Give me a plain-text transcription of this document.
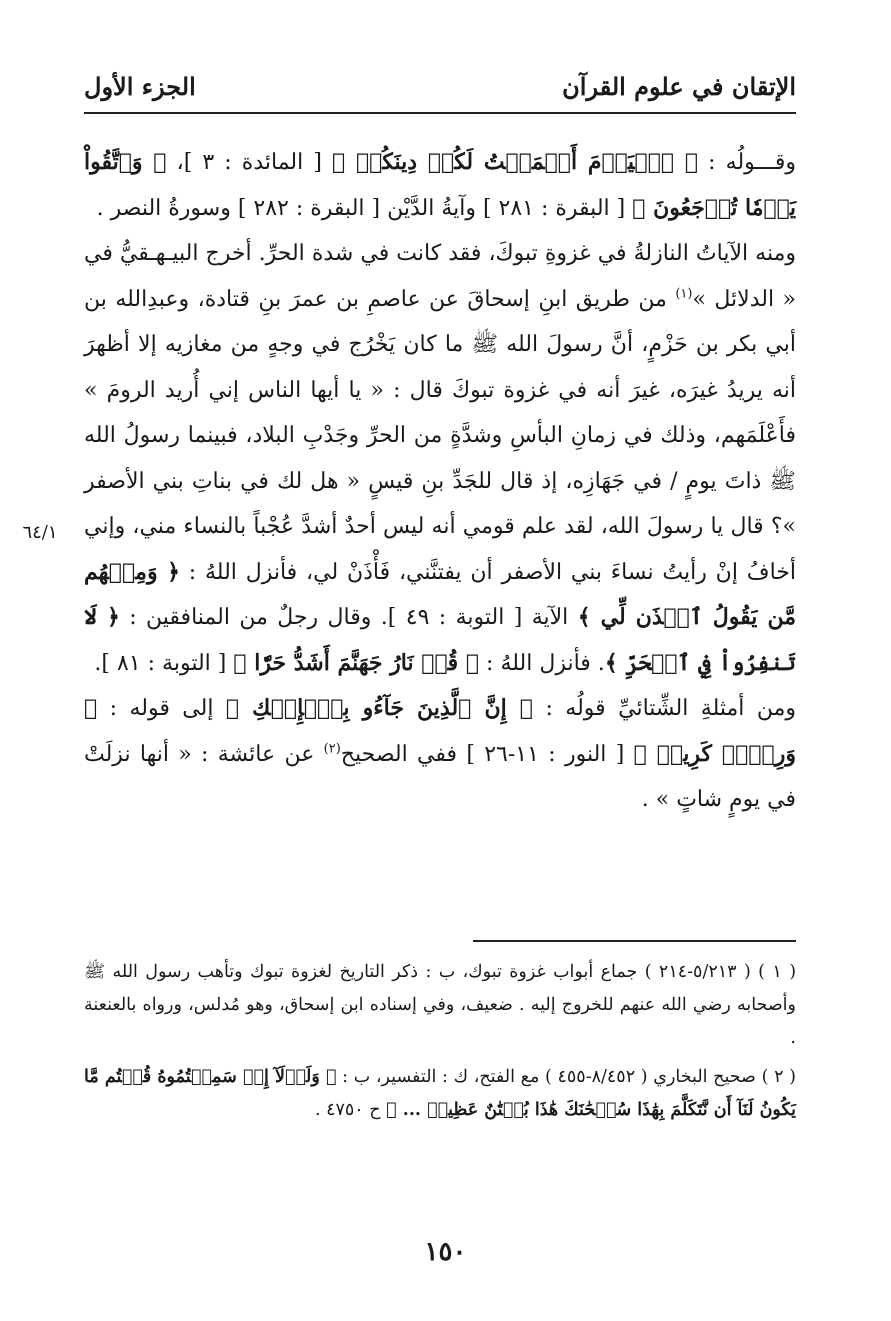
الإتقان في علوم القرآن
الجزء الأول

وقـــولُه : ﴿ ٱلۡيَوۡمَ أَكۡمَلۡتُ لَكُمۡ دِينَكُمۡ ﴾ [ المائدة : ٣ ]، ﴿ وَٱتَّقُواْ يَوۡمٗا تُرۡجَعُونَ ﴾ [ البقرة : ٢٨١ ] وآيةُ الدَّيْن [ البقرة : ٢٨٢ ] وسورةُ النصر .

ومنه الآياتُ النازلةُ في غزوةِ تبوكَ، فقد كانت في شدة الحرِّ. أخرج البيـهـقيُّ في « الدلائل »$^{(١)}$ من طريق ابنِ إسحاقَ عن عاصمِ بن عمرَ بنِ قتادة، وعبدِالله بن أبي بكر بن حَزْمٍ، أنَّ رسولَ الله ﷺ ما كان يَخْرُج في وجهٍ من مغازيه إلا أظهرَ أنه يريدُ غيرَه، غيرَ أنه في غزوة تبوكَ قال : « يا أيها الناس إني أُريد الرومَ » فأَعْلَمَهم، وذلك في زمانِ البأسِ وشدَّةٍ من الحرِّ وجَدْبِ البلاد، فبينما رسولُ الله ﷺ ذاتَ يومٍ / في جَهَازِه، إذ قال للجَدِّ بنِ قيسٍ « هل لك في بناتِ بني الأصفر »؟ قال يا رسولَ الله، لقد علم قومي أنه ليس أحدٌ أشدَّ عُجْباً بالنساء مني، وإني أخافُ إنْ رأيتُ نساءَ بني الأصفر أن يفتنَّني، فَأْذَنْ لي، فأنزل اللهُ : ﴿ وَمِنۡهُم مَّن يَقُولُ ٱئۡذَن لِّي ﴾ الآية [ التوبة : ٤٩ ]. وقال رجلٌ من المنافقين : ﴿ لَا تَنفِرُواْ فِي ٱلۡحَرِّ ﴾. فأنزل اللهُ : ﴿ قُلۡ نَارُ جَهَنَّمَ أَشَدُّ حَرّٗا ﴾ [ التوبة : ٨١ ].

ومن أمثلةِ الشِّتائيِّ قولُه : ﴿ إِنَّ ٱلَّذِينَ جَآءُو بِٱلۡإِفۡكِ ﴾ إلى قوله : ﴿ وَرِزۡقٞ كَرِيمٞ ﴾ [ النور : ١١-٢٦ ] ففي الصحيح$^{(٢)}$ عن عائشة : « أنها نزلَتْ في يومٍ شاتٍ » .

٦٤/١

( ١ ) ( ٥/٢١٣-٢١٤ ) جماع أبواب غزوة تبوك، ب : ذكر التاريخ لغزوة تبوك وتأهب رسول الله ﷺ وأصحابه رضي الله عنهم للخروج إليه . ضعيف، وفي إسناده ابن إسحاق، وهو مُدلس، ورواه بالعنعنة .

( ٢ ) صحيح البخاري ( ٨/٤٥٢-٤٥٥ ) مع الفتح، ك : التفسير، ب : ﴿ وَلَوۡلَآ إِذۡ سَمِعۡتُمُوهُ قُلۡتُم مَّا يَكُونُ لَنَآ أَن نَّتَكَلَّمَ بِهَٰذَا سُبۡحَٰنَكَ هَٰذَا بُهۡتَٰنٌ عَظِيمٞ ... ﴾ ح ٤٧٥٠ .

١٥٠
